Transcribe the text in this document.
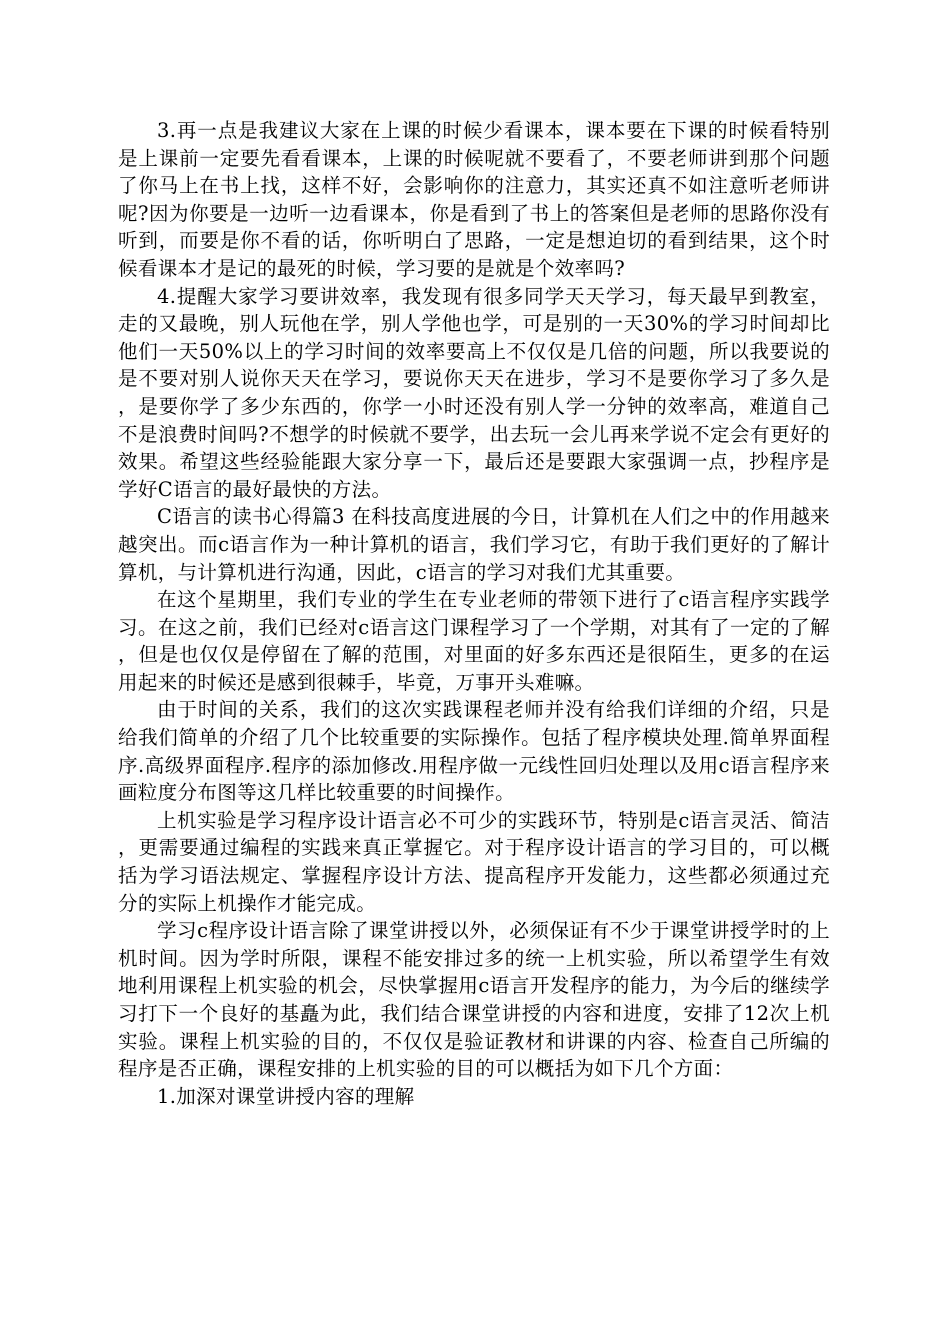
3.再一点是我建议大家在上课的时候少看课本，课本要在下课的时候看特别是上课前一定要先看看课本，上课的时候呢就不要看了，不要老师讲到那个问题了你马上在书上找，这样不好，会影响你的注意力，其实还真不如注意听老师讲呢?因为你要是一边听一边看课本，你是看到了书上的答案但是老师的思路你没有听到，而要是你不看的话，你听明白了思路，一定是想迫切的看到结果，这个时候看课本才是记的最死的时候，学习要的是就是个效率吗?

4.提醒大家学习要讲效率，我发现有很多同学天天学习，每天最早到教室，走的又最晚，别人玩他在学，别人学他也学，可是别的一天30%的学习时间却比他们一天50%以上的学习时间的效率要高上不仅仅是几倍的问题，所以我要说的是不要对别人说你天天在学习，要说你天天在进步，学习不是要你学习了多久是，是要你学了多少东西的，你学一小时还没有别人学一分钟的效率高，难道自己不是浪费时间吗?不想学的时候就不要学，出去玩一会儿再来学说不定会有更好的效果。希望这些经验能跟大家分享一下，最后还是要跟大家强调一点，抄程序是学好C语言的最好最快的方法。

C语言的读书心得篇3 在科技高度进展的今日，计算机在人们之中的作用越来越突出。而c语言作为一种计算机的语言，我们学习它，有助于我们更好的了解计算机，与计算机进行沟通，因此，c语言的学习对我们尤其重要。

在这个星期里，我们专业的学生在专业老师的带领下进行了c语言程序实践学习。在这之前，我们已经对c语言这门课程学习了一个学期，对其有了一定的了解，但是也仅仅是停留在了解的范围，对里面的好多东西还是很陌生，更多的在运用起来的时候还是感到很棘手，毕竟，万事开头难嘛。

由于时间的关系，我们的这次实践课程老师并没有给我们详细的介绍，只是给我们简单的介绍了几个比较重要的实际操作。包括了程序模块处理.简单界面程序.高级界面程序.程序的添加修改.用程序做一元线性回归处理以及用c语言程序来画粒度分布图等这几样比较重要的时间操作。

上机实验是学习程序设计语言必不可少的实践环节，特别是c语言灵活、简洁，更需要通过编程的实践来真正掌握它。对于程序设计语言的学习目的，可以概括为学习语法规定、掌握程序设计方法、提高程序开发能力，这些都必须通过充分的实际上机操作才能完成。

学习c程序设计语言除了课堂讲授以外，必须保证有不少于课堂讲授学时的上机时间。因为学时所限，课程不能安排过多的统一上机实验，所以希望学生有效地利用课程上机实验的机会，尽快掌握用c语言开发程序的能力，为今后的继续学习打下一个良好的基矗为此，我们结合课堂讲授的内容和进度，安排了12次上机实验。课程上机实验的目的，不仅仅是验证教材和讲课的内容、检查自己所编的程序是否正确，课程安排的上机实验的目的可以概括为如下几个方面：

1.加深对课堂讲授内容的理解
